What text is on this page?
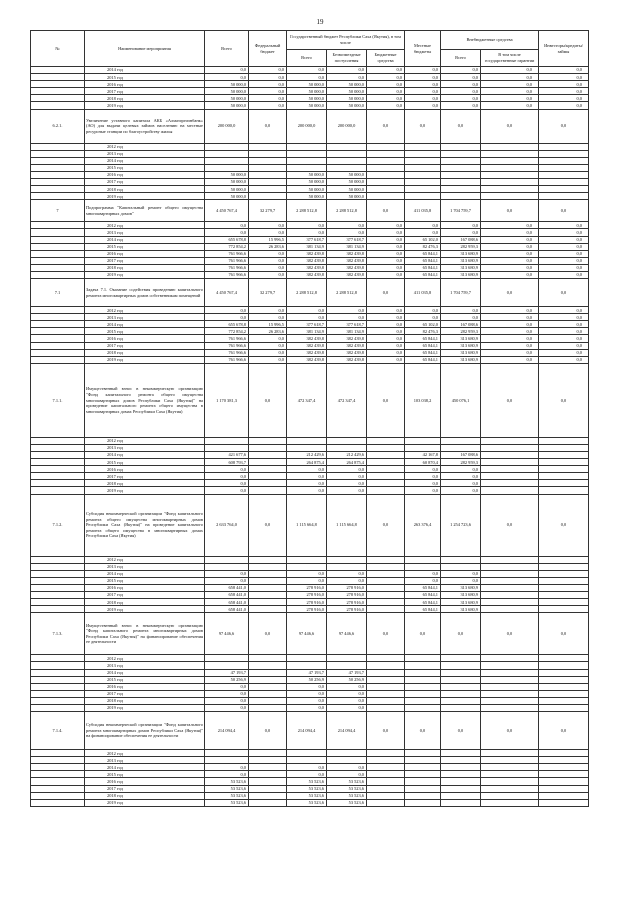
19
№	Наименование мероприятия	Всего	Федеральный бюджет	Государственный бюджет Республики Саха (Якутия), в том числе			Местные бюджеты	Внебюджетные средства		Инвесторы/кредиты/займы
				Всего	Безвозмездные поступления	Бюджетные средства		Всего	В том числе государственные гарантии	
	2014 год	0,0	0,0	0,0	0,0	0,0	0,0	0,0	0,0	0,0
	2015 год	0,0	0,0	0,0	0,0	0,0	0,0	0,0	0,0	0,0
	2016 год	50 000,0	0,0	50 000,0	50 000,0	0,0	0,0	0,0	0,0	0,0
	2017 год	50 000,0	0,0	50 000,0	50 000,0	0,0	0,0	0,0	0,0	0,0
	2018 год	50 000,0	0,0	50 000,0	50 000,0	0,0	0,0	0,0	0,0	0,0
	2019 год	50 000,0	0,0	50 000,0	50 000,0	0,0	0,0	0,0	0,0	0,0
6.2.1.	Увеличение уставного капитала АКБ «Алмазэргиэнбанк» (АО) для выдачи целевых займов населению на местные ресурсные станции по благоустройству жилья	200 000,0	0,0	200 000,0	200 000,0	0,0	0,0	0,0	0,0	0,0
	2012 год									
	2013 год									
	2014 год									
	2015 год									
	2016 год	50 000,0		50 000,0	50 000,0					
	2017 год	50 000,0		50 000,0	50 000,0					
	2018 год	50 000,0		50 000,0	50 000,0					
	2019 год	50 000,0		50 000,0	50 000,0					
7	Подпрограмма "Капитальный ремонт общего имущества многоквартирных домов"	4 450 767,4	32 279,7	2 288 512,8	2 288 512,8	0,0	411 035,8	1 704 759,7	0,0	0,0
	2012 год	0,0	0,0	0,0	0,0	0,0	0,0	0,0	0,0	0,0
	2013 год	0,0	0,0	0,0	0,0	0,0	0,0	0,0	0,0	0,0
	2014 год	655 678,8	15 996,5	377 618,7	377 618,7	0,0	65 102,0	167 088,6	0,0	0,0
	2015 год	772 854,2	26 283,6	381 134,9	381 134,9	0,0	82 476,3	282 959,3	0,0	0,0
	2016 год	761 966,6	0,0	382 439,8	382 439,8	0,0	65 844,1	313 680,9	0,0	0,0
	2017 год	761 966,6	0,0	382 439,8	382 439,8	0,0	65 844,1	313 680,9	0,0	0,0
	2018 год	761 966,6	0,0	382 439,8	382 439,8	0,0	65 844,1	313 680,9	0,0	0,0
	2019 год	761 966,6	0,0	382 439,8	382 439,8	0,0	65 844,1	313 680,9	0,0	0,0
7.1	Задача 7.1. Оказание содействия проведению капитального ремонта многоквартирных домов собственникам помещений	4 450 767,4	32 279,7	2 288 512,8	2 288 512,8	0,0	411 035,8	1 704 759,7	0,0	0,0
	2012 год	0,0	0,0	0,0	0,0	0,0	0,0	0,0	0,0	0,0
	2013 год	0,0	0,0	0,0	0,0	0,0	0,0	0,0	0,0	0,0
	2014 год	655 678,8	15 996,5	377 618,7	377 618,7	0,0	65 102,0	167 088,6	0,0	0,0
	2015 год	772 854,2	26 283,6	381 134,9	381 134,9	0,0	82 476,3	282 959,3	0,0	0,0
	2016 год	761 966,6	0,0	382 439,8	382 439,8	0,0	65 844,1	313 680,9	0,0	0,0
	2017 год	761 966,6	0,0	382 439,8	382 439,8	0,0	65 844,1	313 680,9	0,0	0,0
	2018 год	761 966,6	0,0	382 439,8	382 439,8	0,0	65 844,1	313 680,9	0,0	0,0
	2019 год	761 966,6	0,0	382 439,8	382 439,8	0,0	65 844,1	313 680,9	0,0	0,0
7.1.1.	Имущественный взнос в некоммерческую организацию "Фонд капитального ремонта общего имущества многоквартирных домов Республики Саха (Якутия)" на проведение капитального ремонта общего имущества в многоквартирных домах Республики Саха (Якутия)	1 170 381,3	0,0	472 347,4	472 347,4	0,0	103 038,2	450 076,1	0,0	0,0
	2012 год									
	2013 год									
	2014 год	421 677,6		212 429,6	212 429,6		42 167,8	167 088,6		
	2015 год	608 793,7		264 875,4	264 875,4		60 870,4	282 959,3		
	2016 год	0,0		0,0	0,0		0,0	0,0		
	2017 год	0,0		0,0	0,0		0,0	0,0		
	2018 год	0,0		0,0	0,0		0,0	0,0		
	2019 год	0,0		0,0	0,0		0,0	0,0		
7.1.2.	Субсидия некоммерческой организации "Фонд капитального ремонта общего имущества многоквартирных домов Республики Саха (Якутия)" на проведение капитального ремонта общего имущества в многоквартирных домах Республики Саха (Якутия)	2 633 764,0	0,0	1 115 664,8	1 115 664,8	0,0	263 376,4	1 254 723,6	0,0	0,0
	2012 год									
	2013 год									
	2014 год	0,0		0,0	0,0		0,0	0,0		
	2015 год	0,0		0,0	0,0		0,0	0,0		
	2016 год	658 441,0		278 916,0	278 916,0		65 844,1	313 680,9		
	2017 год	658 441,0		278 916,0	278 916,0		65 844,1	313 680,9		
	2018 год	658 441,0		278 916,0	278 916,0		65 844,1	313 680,9		
	2019 год	658 441,0		278 916,0	278 916,0		65 844,1	313 680,9		
7.1.3.	Имущественный взнос в некоммерческую организацию "Фонд капитального ремонта многоквартирных домов Республики Саха (Якутия)" на финансирование обеспечения ее деятельности	97 446,6	0,0	97 446,6	97 446,6	0,0	0,0	0,0	0,0	0,0
	2012 год									
	2013 год									
	2014 год	47 193,7		47 193,7	47 193,7					
	2015 год	50 256,9		50 256,9	50 256,9					
	2016 год	0,0		0,0	0,0					
	2017 год	0,0		0,0	0,0					
	2018 год	0,0		0,0	0,0					
	2019 год	0,0		0,0	0,0					
7.1.4.	Субсидия некоммерческой организации "Фонд капитального ремонта многоквартирных домов Республики Саха (Якутия)" на финансирование обеспечения ее деятельности	214 094,4	0,0	214 094,4	214 094,4	0,0	0,0	0,0	0,0	0,0
	2012 год									
	2013 год									
	2014 год	0,0		0,0	0,0					
	2015 год	0,0		0,0	0,0					
	2016 год	53 523,6		53 523,6	53 523,6					
	2017 год	53 523,6		53 523,6	53 523,6					
	2018 год	53 523,6		53 523,6	53 523,6					
	2019 год	53 523,6		53 523,6	53 523,6					
